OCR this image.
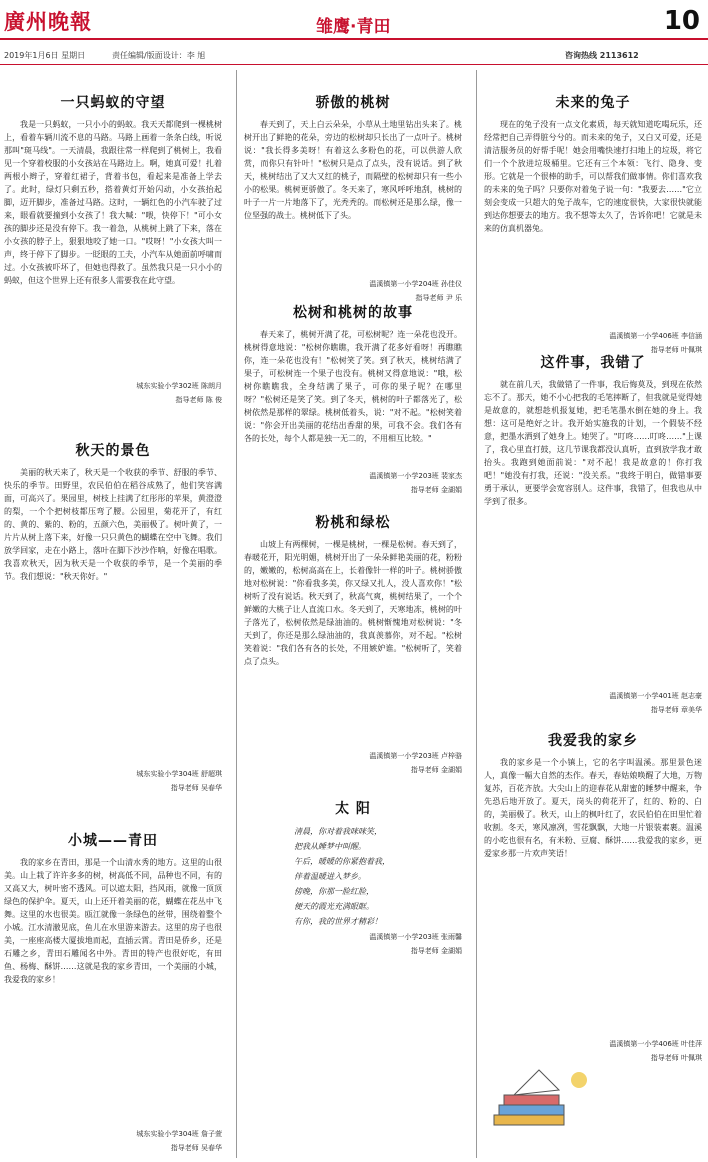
廣州晚報	雏鹰·青田	10
2019年1月6日 星期日	责任编辑/版面设计：李 旭	咨询热线 2113612
一只蚂蚁的守望
我是一只蚂蚁，一只小小的蚂蚁。我天天都爬到一棵桃树上，看着车辆川流不息的马路。马路上画着一条条白线，听说那叫"斑马线"。一天清晨，我跟往常一样爬到了桃树上，我看见一个穿着校服的小女孩站在马路边上。啊，她真可爱！扎着两根小辫子，穿着红裙子，背着书包，看起来是准备上学去了。此时，绿灯只剩五秒，搭着黄灯开始闪动，小女孩抬起脚，迈开脚步，准备过马路。这时，一辆红色的小汽车驶了过来，眼看就要撞到小女孩了！我大喊："喂，快停下！"可小女孩的脚步还是没有停下。我一着急，从桃树上跳了下来，落在小女孩的脖子上，狠狠地咬了她一口。"哎呀！"小女孩大叫一声，终于停下了脚步。一眨眼的工夫，小汽车从她面前呼啸而过。小女孩被吓坏了，但她也得救了。虽然我只是一只小小的蚂蚁，但这个世界上还有很多人需要我在此守望。
城东实验小学302班 陈朗月
指导老师 陈 俊
秋天的景色
美丽的秋天来了，秋天是一个收获的季节、舒服的季节、快乐的季节。田野里，农民伯伯在稻谷成熟了，他们笑容满面，可高兴了。果园里，树枝上挂满了红彤彤的苹果，黄澄澄的梨，一个个把树枝都压弯了腰。公园里，菊花开了，有红的、黄的、紫的、粉的，五颜六色，美丽极了。树叶黄了，一片片从树上落下来，好像一只只黄色的蝴蝶在空中飞舞。我们放学回家，走在小路上，落叶在脚下沙沙作响，好像在唱歌。我喜欢秋天，因为秋天是一个收获的季节，是一个美丽的季节。我们想说："秋天你好。"
城东实验小学304班 舒超琪
指导老师 吴春华
小城——青田
我的家乡在青田，那是一个山清水秀的地方。这里的山很美。山上栽了许许多多的树，树高低不同，品种也不同，有的又高又大，树叶密不透风。可以遮太阳，挡风雨，就像一顶顶绿色的保护伞。夏天，山上还开着美丽的花，蝴蝶在花丛中飞舞。这里的水也很美。瓯江就像一条绿色的丝带，围绕着整个小城。江水清澈见底，鱼儿在水里游来游去。这里的房子也很美，一座座高楼大厦拔地而起，直插云霄。青田是侨乡，还是石雕之乡，青田石雕闻名中外。青田的特产也很好吃，有田鱼、杨梅、酥饼……这就是我的家乡青田，一个美丽的小城，我爱我的家乡！
城东实验小学304班 詹子萱
指导老师 吴春华
骄傲的桃树
春天到了，天上白云朵朵，小草从土地里钻出头来了。桃树开出了鲜艳的花朵，旁边的松树却只长出了一点叶子。桃树说："我长得多美呀！有着这么多粉色的花，可以供游人欣赏，而你只有针叶！"松树只是点了点头，没有说话。到了秋天，桃树结出了又大又红的桃子，而隔壁的松树却只有一些小小的松果。桃树更骄傲了。冬天来了，寒风呼呼地刮，桃树的叶子一片一片地落下了，光秃秃的。而松树还是那么绿，像一位坚强的战士。桃树低下了头。
温溪镇第一小学204班 孙佳仪
指导老师 尹 乐
松树和桃树的故事
春天来了，桃树开满了花，可松树呢？连一朵花也没开。桃树得意地说："松树你瞧瞧，我开满了花多好看呀！再瞧瞧你，连一朵花也没有！"松树笑了笑。到了秋天，桃树结满了果子，可松树连一个果子也没有。桃树又得意地说："哦，松树你瞧瞧我，全身结满了果子，可你的果子呢？在哪里呀？"松树还是笑了笑。到了冬天，桃树的叶子都落光了，松树依然是那样的翠绿。桃树低着头，说："对不起。"松树笑着说："你会开出美丽的花结出香甜的果，可我不会。我们各有各的长处，每个人都是独一无二的，不用相互比较。"
温溪镇第一小学203班 裴家杰
指导老师 金湖娟
粉桃和绿松
山坡上有两棵树，一棵是桃树，一棵是松树。春天到了，春暖花开，阳光明媚，桃树开出了一朵朵鲜艳美丽的花，粉粉的，嫩嫩的，松树高高在上，长着像针一样的叶子。桃树骄傲地对松树说："你看我多美，你又绿又扎人，没人喜欢你！"松树听了没有说话。秋天到了，秋高气爽，桃树结果了，一个个鲜嫩的大桃子让人直流口水。冬天到了，天寒地冻，桃树的叶子落光了，松树依然是绿油油的。桃树惭愧地对松树说："冬天到了，你还是那么绿油油的，我真羡慕你，对不起。"松树笑着说："我们各有各的长处，不用嫉妒谁。"松树听了，笑着点了点头。
温溪镇第一小学203班 卢梓骆
指导老师 金湖娟
太 阳
清晨，你对着我咪咪笑，
把我从睡梦中叫醒。
午后，暖暖的你紧抱着我，
伴着温暖进入梦乡。
傍晚，你那一脸红脸，
便天的霞光充满眼眶。
有你，我的世界才精彩！
温溪镇第一小学203班 张雨馨
指导老师 金湖娟
未来的兔子
现在的兔子没有一点文化素质，每天就知道吃喝玩乐，还经常把自己弄得脏兮兮的。而未来的兔子，又白又可爱，还是清洁服务员的好帮手呢！她会用嘴快速打扫地上的垃圾，将它们一个个放进垃圾桶里。它还有三个本领：飞行、隐身、变形。它就是一个很棒的助手，可以帮我们做事情。你们喜欢我的未来的兔子吗？只要你对着兔子说一句："我要去……"它立刻会变成一只超大的兔子战车，它的速度很快，大家很快就能到达你想要去的地方。我不想等太久了，告诉你吧！它就是未来的仿真机器兔。
温溪镇第一小学406班 李信涵
指导老师 叶佩琪
这件事，我错了
就在前几天，我做错了一件事，我后悔莫及，到现在依然忘不了。那天，她不小心把我的毛笔摔断了，但我就是觉得她是故意的，就想趁机报复她，把毛笔墨水倒在她的身上。我想：这可是绝好之计。我开始实施我的计划，一个假装不经意，把墨水洒到了她身上。她哭了。"叮咚……叮咚……"上课了，我心里直打鼓，这几节课我都没认真听，直到放学我才敢抬头。我跑到她面前说："对不起！我是故意的！你打我吧！"她没有打我，还说："没关系。"我终于明白，做错事要勇于承认，更要学会宽容别人。这件事，我错了，但我也从中学到了很多。
温溪镇第一小学401班 赵志豪
指导老师 章美华
我爱我的家乡
我的家乡是一个小镇上，它的名字叫温溪。那里景色迷人，真像一幅大自然的杰作。春天，春姑娘唤醒了大地，万物复苏，百花齐放。大尖山上的迎春花从甜蜜的睡梦中醒来，争先恐后地开放了。夏天，岗头的荷花开了，红的、粉的、白的，美丽极了。秋天，山上的枫叶红了，农民伯伯在田里忙着收割。冬天，寒风凛冽，雪花飘飘，大地一片银装素裹。温溪的小吃也很有名，有米粉、豆腐、酥饼……我爱我的家乡，更爱家乡那一片欢声笑语！
温溪镇第一小学406班 叶佳萍
指导老师 叶佩琪
